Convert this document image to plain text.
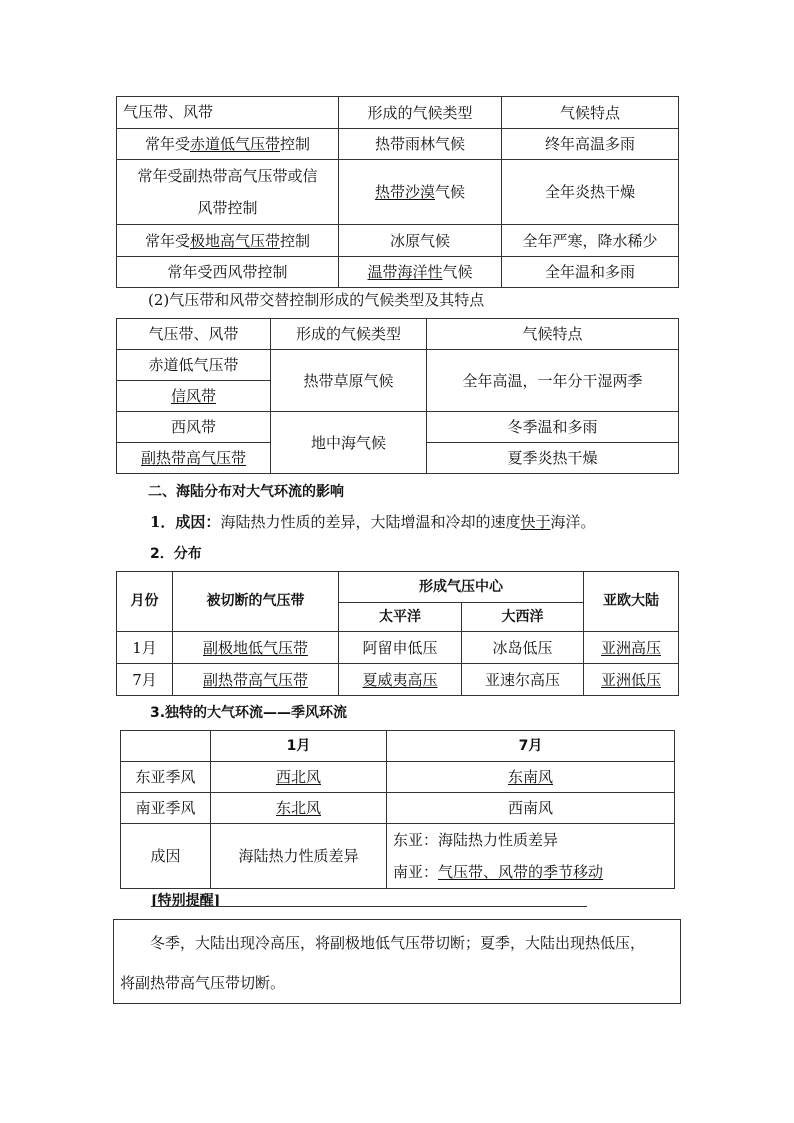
气压带、风带	形成的气候类型	气候特点
常年受赤道低气压带控制	热带雨林气候	终年高温多雨
常年受副热带高气压带或信
风带控制	热带沙漠气候	全年炎热干燥
常年受极地高气压带控制	冰原气候	全年严寒，降水稀少
常年受西风带控制	温带海洋性气候	全年温和多雨
(2)气压带和风带交替控制形成的气候类型及其特点
气压带、风带	形成的气候类型	气候特点
赤道低气压带	热带草原气候	全年高温，一年分干湿两季
信风带		
西风带	地中海气候	冬季温和多雨
副热带高气压带		夏季炎热干燥
二、海陆分布对大气环流的影响
1．成因：海陆热力性质的差异，大陆增温和冷却的速度快于海洋。
2．分布
月份	被切断的气压带	形成气压中心		亚欧大陆
		太平洋	大西洋	
1月	副极地低气压带	阿留申低压	冰岛低压	亚洲高压
7月	副热带高气压带	夏威夷高压	亚速尔高压	亚洲低压
3.独特的大气环流——季风环流
	1月	7月
东亚季风	西北风	东南风
南亚季风	东北风	西南风
成因	海陆热力性质差异	东亚：海陆热力性质差异
南亚：气压带、风带的季节移动
[特别提醒]
冬季，大陆出现冷高压，将副极地低气压带切断；夏季，大陆出现热低压，
将副热带高气压带切断。
